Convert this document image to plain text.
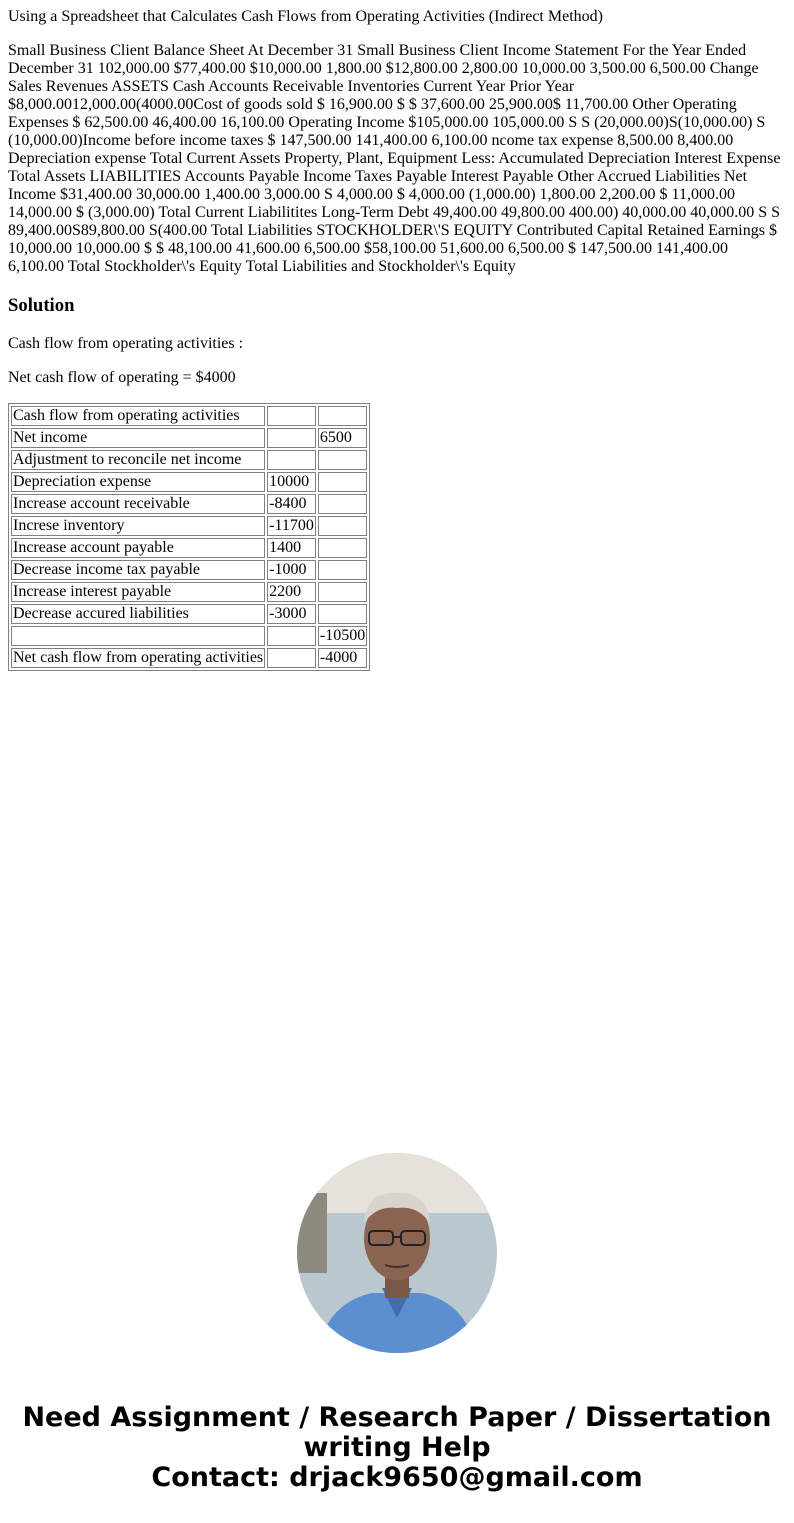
Using a Spreadsheet that Calculates Cash Flows from Operating Activities (Indirect Method)

Small Business Client Balance Sheet At December 31 Small Business Client Income Statement For the Year Ended December 31 102,000.00 $77,400.00 $10,000.00 1,800.00 $12,800.00 2,800.00 10,000.00 3,500.00 6,500.00 Change Sales Revenues ASSETS Cash Accounts Receivable Inventories Current Year Prior Year $8,000.0012,000.00(4000.00Cost of goods sold $ 16,900.00 $ $ 37,600.00 25,900.00$ 11,700.00 Other Operating Expenses $ 62,500.00 46,400.00 16,100.00 Operating Income $105,000.00 105,000.00 S S (20,000.00)S(10,000.00) S (10,000.00)Income before income taxes $ 147,500.00 141,400.00 6,100.00 ncome tax expense 8,500.00 8,400.00 Depreciation expense Total Current Assets Property, Plant, Equipment Less: Accumulated Depreciation Interest Expense Total Assets LIABILITIES Accounts Payable Income Taxes Payable Interest Payable Other Accrued Liabilities Net Income $31,400.00 30,000.00 1,400.00 3,000.00 S 4,000.00 $ 4,000.00 (1,000.00) 1,800.00 2,200.00 $ 11,000.00 14,000.00 $ (3,000.00) Total Current Liabilitites Long-Term Debt 49,400.00 49,800.00 400.00) 40,000.00 40,000.00 S S 89,400.00S89,800.00 S(400.00 Total Liabilities STOCKHOLDER\'S EQUITY Contributed Capital Retained Earnings $ 10,000.00 10,000.00 $ $ 48,100.00 41,600.00 6,500.00 $58,100.00 51,600.00 6,500.00 $ 147,500.00 141,400.00 6,100.00 Total Stockholder\'s Equity Total Liabilities and Stockholder\'s Equity

Solution

Cash flow from operating activities :

Net cash flow of operating = $4000

Cash flow from operating activities		
Net income		6500
Adjustment to reconcile net income		
Depreciation expense	10000	
Increase account receivable	-8400	
Increse inventory	-11700	
Increase account payable	1400	
Decrease income tax payable	-1000	
Increase interest payable	2200	
Decrease accured liabilities	-3000	
		-10500
Net cash flow from operating activities		-4000
Need Assignment / Research Paper / Dissertation
writing Help
Contact: drjack9650@gmail.com
